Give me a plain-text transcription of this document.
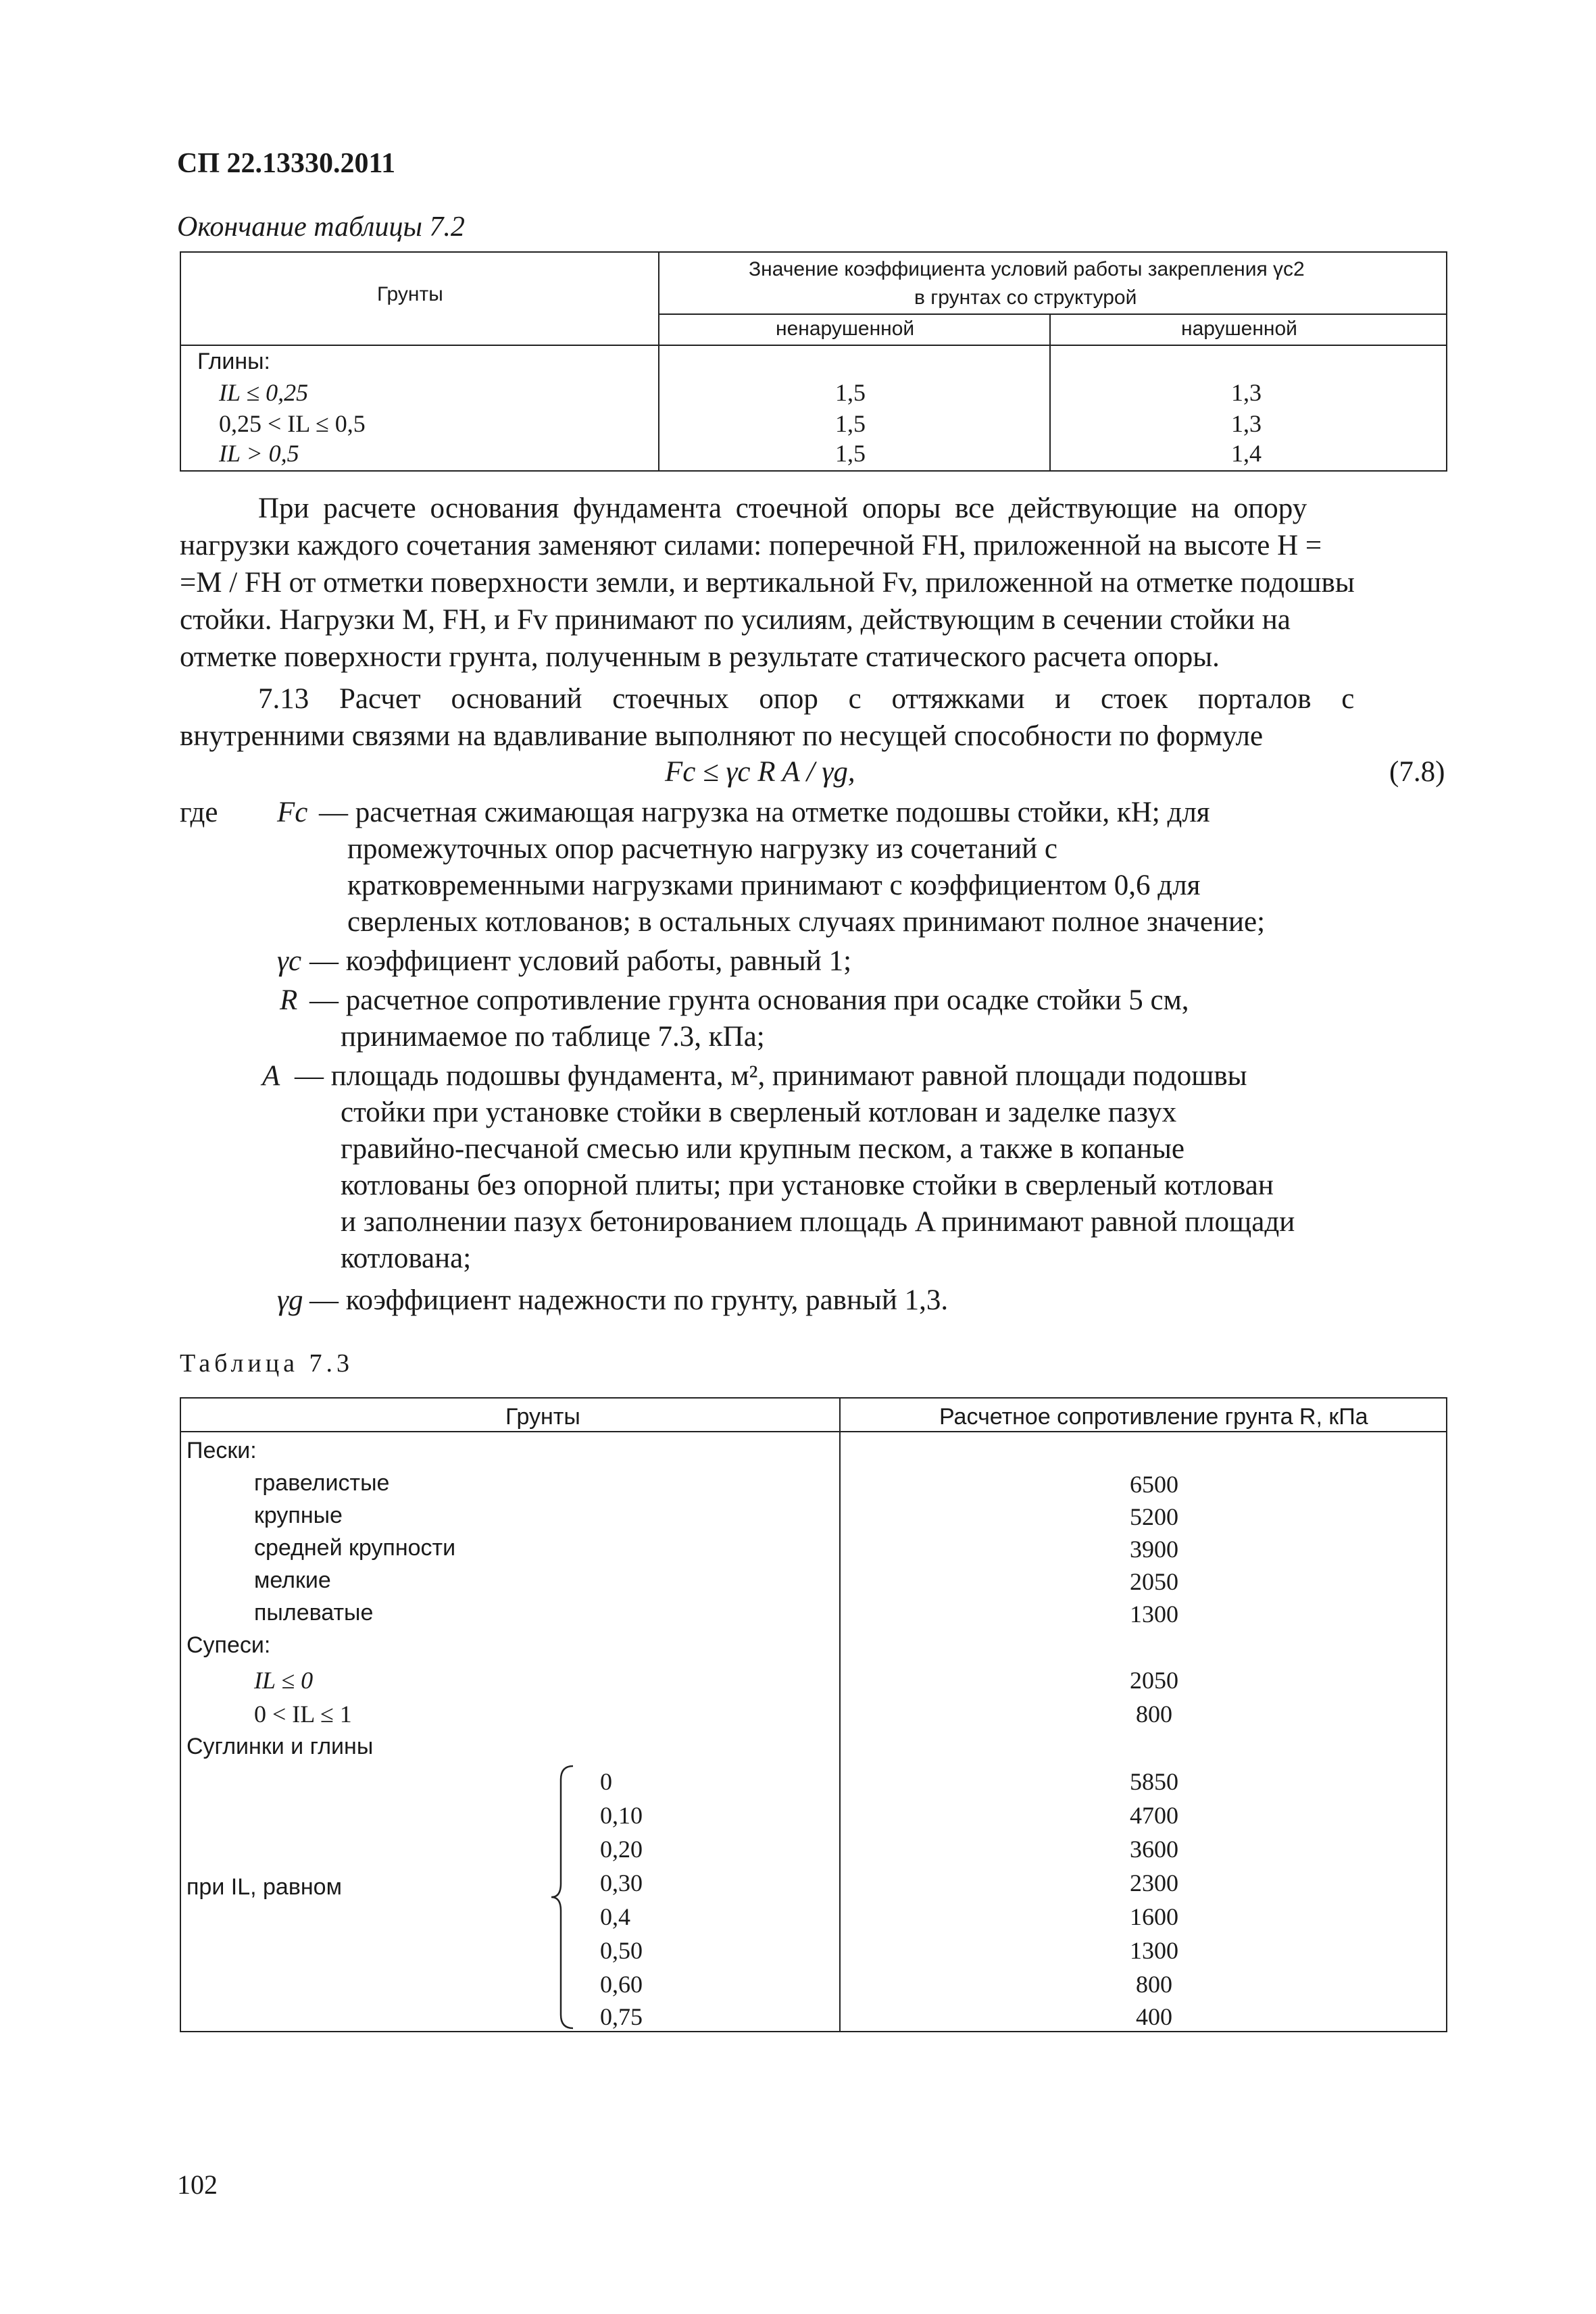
СП 22.13330.2011
Окончание таблицы 7.2
Грунты
Значение коэффициента условий работы закрепления γc2
в грунтах со структурой
ненарушенной	нарушенной
Глины:
IL ≤ 0,25	1,5	1,3
0,25 < IL ≤ 0,5	1,5	1,3
IL > 0,5	1,5	1,4
При расчете основания фундамента стоечной опоры все действующие на опору
нагрузки каждого сочетания заменяют силами: поперечной FH, приложенной на высоте H =
=M / FH от отметки поверхности земли, и вертикальной Fv, приложенной на отметке подошвы
стойки. Нагрузки M, FH, и Fv принимают по усилиям, действующим в сечении стойки на
отметке поверхности грунта, полученным в результате статического расчета опоры.
7.13 Расчет оснований стоечных опор с оттяжками и стоек порталов с
внутренними связями на вдавливание выполняют по несущей способности по формуле
Fc ≤ γc R A / γg,	(7.8)
где Fc — расчетная сжимающая нагрузка на отметке подошвы стойки, кН; для
промежуточных опор расчетную нагрузку из сочетаний с
кратковременными нагрузками принимают с коэффициентом 0,6 для
сверленых котлованов; в остальных случаях принимают полное значение;
γc — коэффициент условий работы, равный 1;
R — расчетное сопротивление грунта основания при осадке стойки 5 см,
принимаемое по таблице 7.3, кПа;
A — площадь подошвы фундамента, м², принимают равной площади подошвы
стойки при установке стойки в сверленый котлован и заделке пазух
гравийно-песчаной смесью или крупным песком, а также в копаные
котлованы без опорной плиты; при установке стойки в сверленый котлован
и заполнении пазух бетонированием площадь A принимают равной площади
котлована;
γg — коэффициент надежности по грунту, равный 1,3.
Таблица 7.3
Грунты	Расчетное сопротивление грунта R, кПа
Пески:
гравелистые	6500
крупные	5200
средней крупности	3900
мелкие	2050
пылеватые	1300
Супеси:
IL ≤ 0	2050
0 < IL ≤ 1	800
Суглинки и глины
при IL, равном
0	5850
0,10	4700
0,20	3600
0,30	2300
0,4	1600
0,50	1300
0,60	800
0,75	400
102
